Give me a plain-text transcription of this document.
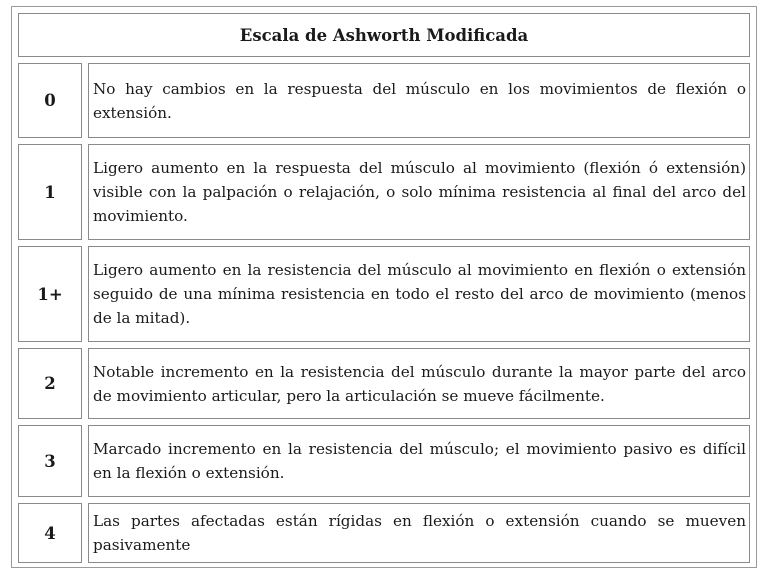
Escala de Ashworth Modificada
0
No hay cambios en la respuesta del músculo en los movimientos de flexión o extensión.
1
Ligero aumento en la respuesta del músculo al movimiento (flexión ó extensión) visible con la palpación o relajación, o solo mínima resistencia al final del arco del movimiento.
1+
Ligero aumento en la resistencia del músculo al movimiento en flexión o extensión seguido de una mínima resistencia en todo el resto del arco de movimiento (menos de la mitad).
2
Notable incremento en la resistencia del músculo durante la mayor parte del arco de movimiento articular, pero la articulación se mueve fácilmente.
3
Marcado incremento en la resistencia del músculo; el movimiento pasivo es difícil en la flexión o extensión.
4
Las partes afectadas están rígidas en flexión o extensión cuando se mueven pasivamente
